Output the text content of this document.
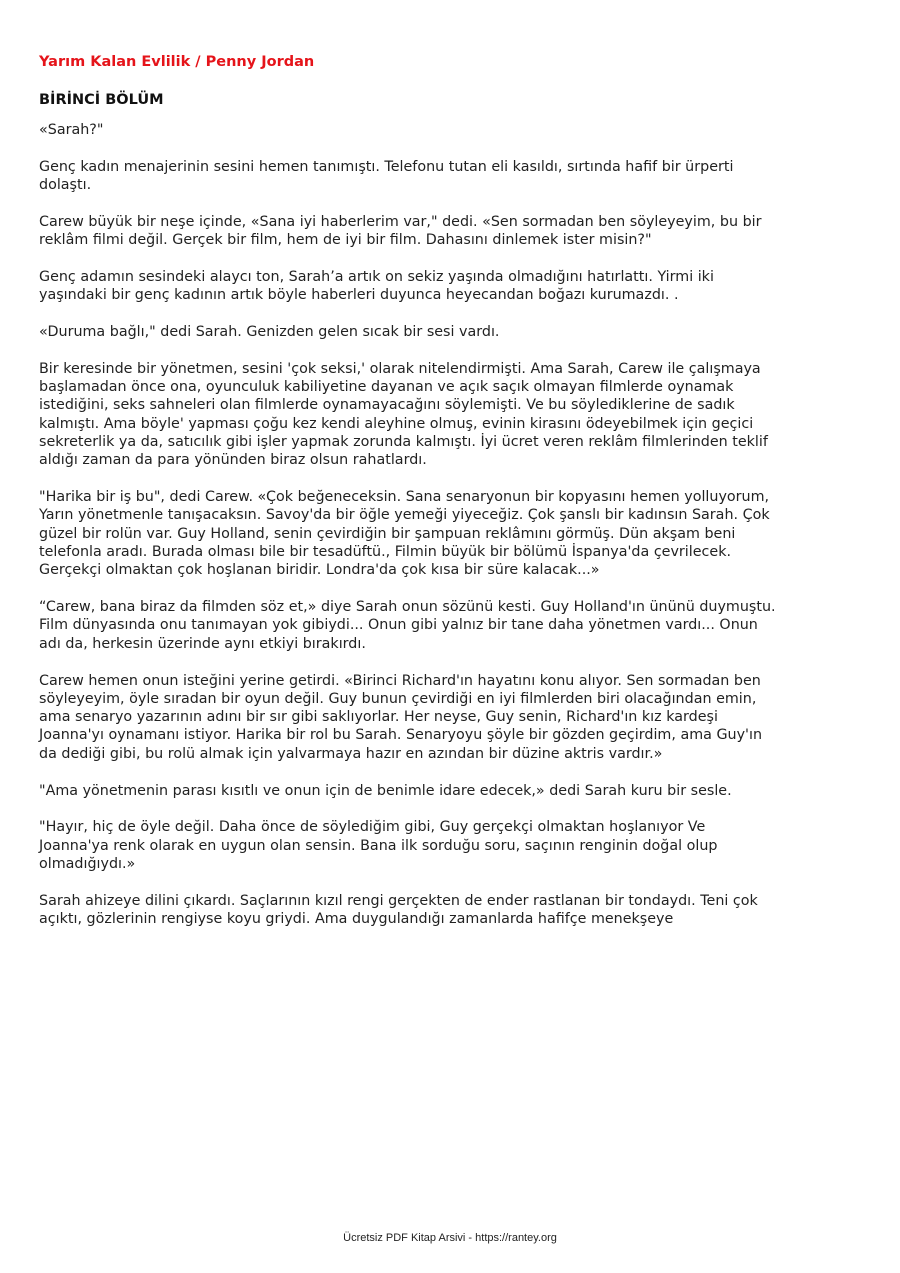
Yarım Kalan Evlilik / Penny Jordan
BİRİNCİ BÖLÜM
«Sarah?"
Genç kadın menajerinin sesini hemen tanımıştı. Telefonu tutan eli kasıldı, sırtında hafif bir ürperti dolaştı.
Carew büyük bir neşe içinde, «Sana iyi haberlerim var," dedi. «Sen sormadan ben söyleyeyim, bu bir reklâm filmi değil. Gerçek bir film, hem de iyi bir film. Dahasını dinlemek ister misin?"
Genç adamın sesindeki alaycı ton, Sarah’a artık on sekiz yaşında olmadığını hatırlattı. Yirmi iki yaşındaki bir genç kadının artık böyle haberleri duyunca heyecandan boğazı kurumazdı. .
«Duruma bağlı," dedi Sarah. Genizden gelen sıcak bir sesi vardı.
Bir keresinde bir yönetmen, sesini 'çok seksi,' olarak nitelendirmişti. Ama Sarah, Carew ile çalışmaya başlamadan önce ona, oyunculuk kabiliyetine dayanan ve açık saçık olmayan filmlerde oynamak istediğini, seks sahneleri olan filmlerde oynamayacağını söylemişti. Ve bu söylediklerine de sadık kalmıştı. Ama böyle' yapması çoğu kez kendi aleyhine olmuş, evinin kirasını ödeyebilmek için geçici sekreterlik ya da, satıcılık gibi işler yapmak zorunda kalmıştı. İyi ücret veren reklâm filmlerinden teklif aldığı zaman da para yönünden biraz olsun rahatlardı.
"Harika bir iş bu", dedi Carew. «Çok beğeneceksin. Sana senaryonun bir kopyasını hemen yolluyorum, Yarın yönetmenle tanışacaksın. Savoy'da bir öğle yemeği yiyeceğiz. Çok şanslı bir kadınsın Sarah. Çok güzel bir rolün var. Guy Holland, senin çevirdiğin bir şampuan reklâmını görmüş. Dün akşam beni telefonla aradı. Burada olması bile bir tesadüftü., Filmin büyük bir bölümü İspanya'da çevrilecek. Gerçekçi olmaktan çok hoşlanan biridir. Londra'da çok kısa bir süre kalacak...»
“Carew, bana biraz da filmden söz et,» diye Sarah onun sözünü kesti. Guy Holland'ın ününü duymuştu. Film dünyasında onu tanımayan yok gibiydi... Onun gibi yalnız bir tane daha yönetmen vardı... Onun adı da, herkesin üzerinde aynı etkiyi bırakırdı.
Carew hemen onun isteğini yerine getirdi. «Birinci Richard'ın hayatını konu alıyor. Sen sormadan ben söyleyeyim, öyle sıradan bir oyun değil. Guy bunun çevirdiği en iyi filmlerden biri olacağından emin, ama senaryo yazarının adını bir sır gibi saklıyorlar. Her neyse, Guy senin, Richard'ın kız kardeşi Joanna'yı oynamanı istiyor. Harika bir rol bu Sarah. Senaryoyu şöyle bir gözden geçirdim, ama Guy'ın da dediği gibi, bu rolü almak için yalvarmaya hazır en azından bir düzine aktris vardır.»
"Ama yönetmenin parası kısıtlı ve onun için de benimle idare edecek,» dedi Sarah kuru bir sesle.
"Hayır, hiç de öyle değil. Daha önce de söylediğim gibi, Guy gerçekçi olmaktan hoşlanıyor Ve Joanna'ya renk olarak en uygun olan sensin. Bana ilk sorduğu soru, saçının renginin doğal olup olmadığıydı.»
Sarah ahizeye dilini çıkardı. Saçlarının kızıl rengi gerçekten de ender rastlanan bir tondaydı. Teni çok açıktı, gözlerinin rengiyse koyu griydi. Ama duygulandığı zamanlarda hafifçe menekşeye
Ücretsiz PDF Kitap Arsivi - https://rantey.org
